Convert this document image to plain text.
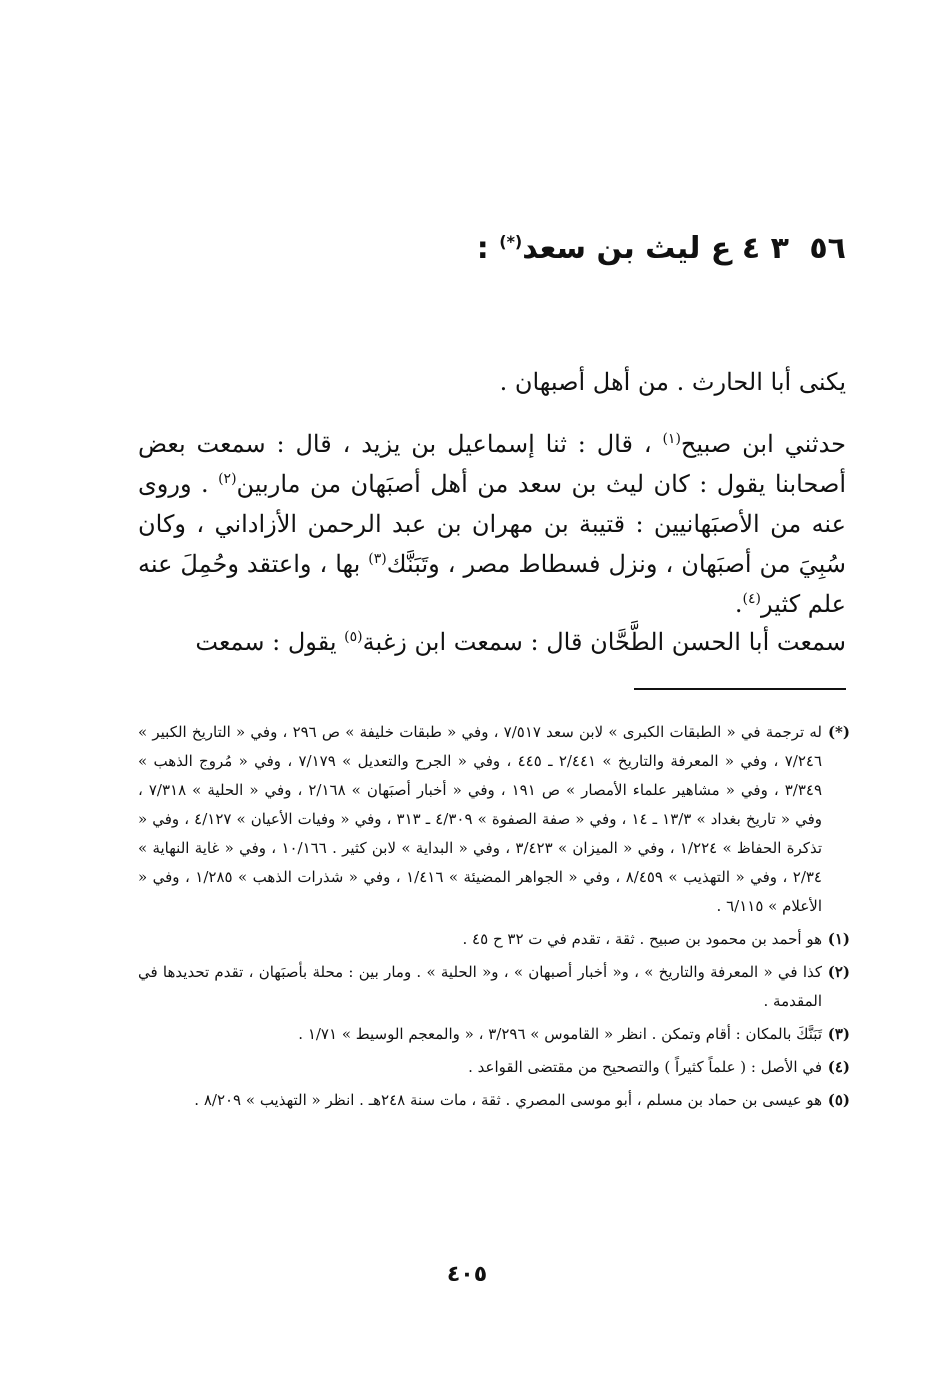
٥٦ ٣ ٤ ع ليث بن سعد(*) :
يكنى أبا الحارث . من أهل أصبهان .
حدثني ابن صبيح$^{(١)}$ ، قال : ثنا إسماعيل بن يزيد ، قال : سمعت بعض أصحابنا يقول : كان ليث بن سعد من أهل أصبَهان من ماربين$^{(٢)}$ . وروى عنه من الأصبَهانيين : قتيبة بن مهران بن عبد الرحمن الأزاداني ، وكان سُبِيَ من أصبَهان ، ونزل فسطاط مصر ، وتَبَنَّك$^{(٣)}$ بها ، واعتقد وحُمِلَ عنه علم كثير$^{(٤)}$.
سمعت أبا الحسن الطَّحَّان قال : سمعت ابن زغبة$^{(٥)}$ يقول : سمعت
(*)
له ترجمة في « الطبقات الكبرى » لابن سعد ٧/٥١٧ ، وفي « طبقات خليفة » ص ٢٩٦ ، وفي « التاريخ الكبير » ٧/٢٤٦ ، وفي « المعرفة والتاريخ » ٢/٤٤١ ـ ٤٤٥ ، وفي « الجرح والتعديل » ٧/١٧٩ ، وفي « مُروج الذهب » ٣/٣٤٩ ، وفي « مشاهير علماء الأمصار » ص ١٩١ ، وفي « أخبار أصبَهان » ٢/١٦٨ ، وفي « الحلية » ٧/٣١٨ ، وفي « تاريخ بغداد » ١٣/٣ ـ ١٤ ، وفي « صفة الصفوة » ٤/٣٠٩ ـ ٣١٣ ، وفي « وفيات الأعيان » ٤/١٢٧ ، وفي « تذكرة الحفاظ » ١/٢٢٤ ، وفي « الميزان » ٣/٤٢٣ ، وفي « البداية » لابن كثير . ١٠/١٦٦ ، وفي « غاية النهاية » ٢/٣٤ ، وفي « التهذيب » ٨/٤٥٩ ، وفي « الجواهر المضيئة » ١/٤١٦ ، وفي « شذرات الذهب » ١/٢٨٥ ، وفي « الأعلام » ٦/١١٥ .
(١)
هو أحمد بن محمود بن صبيح . ثقة ، تقدم في ت ٣٢ ح ٤٥ .
(٢)
كذا في « المعرفة والتاريخ » ، و« أخبار أصبهان » ، و« الحلية » . ومار بين : محلة بأصبَهان ، تقدم تحديدها في المقدمة .
(٣)
تَبَنَّكَ بالمكان : أقام وتمكن . انظر « القاموس » ٣/٢٩٦ ، « والمعجم الوسيط » ١/٧١ .
(٤)
في الأصل : ( علماً كثيراً ) والتصحيح من مقتضى القواعد .
(٥)
هو عيسى بن حماد بن مسلم ، أبو موسى المصري . ثقة ، مات سنة ٢٤٨هـ . انظر « التهذيب » ٨/٢٠٩ .
٤٠٥
